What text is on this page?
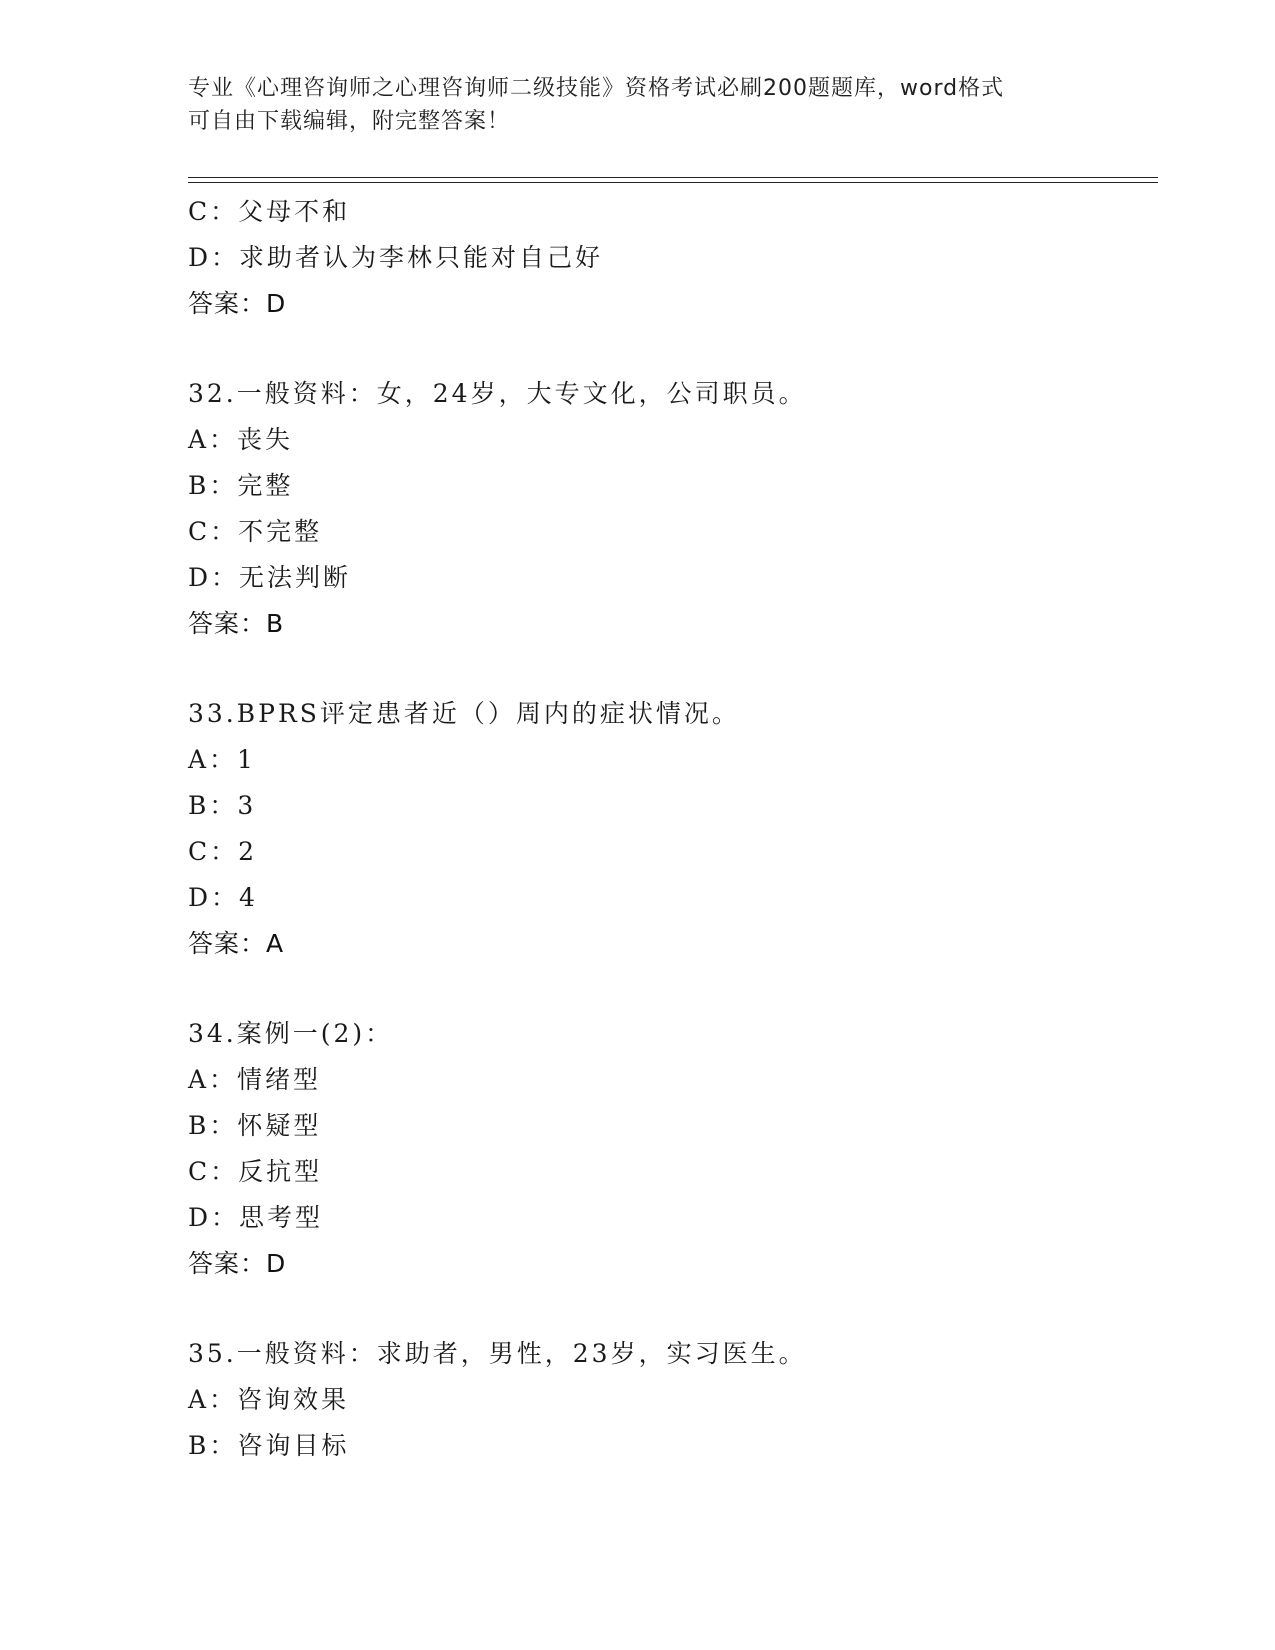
专业《心理咨询师之心理咨询师二级技能》资格考试必刷200题题库，word格式
可自由下载编辑，附完整答案！
C：父母不和
D：求助者认为李林只能对自己好
答案：D
32.一般资料：女，24岁，大专文化，公司职员。
A：丧失
B：完整
C：不完整
D：无法判断
答案：B
33.BPRS评定患者近（）周内的症状情况。
A：1
B：3
C：2
D：4
答案：A
34.案例一(2)：
A：情绪型
B：怀疑型
C：反抗型
D：思考型
答案：D
35.一般资料：求助者，男性，23岁，实习医生。
A：咨询效果
B：咨询目标
